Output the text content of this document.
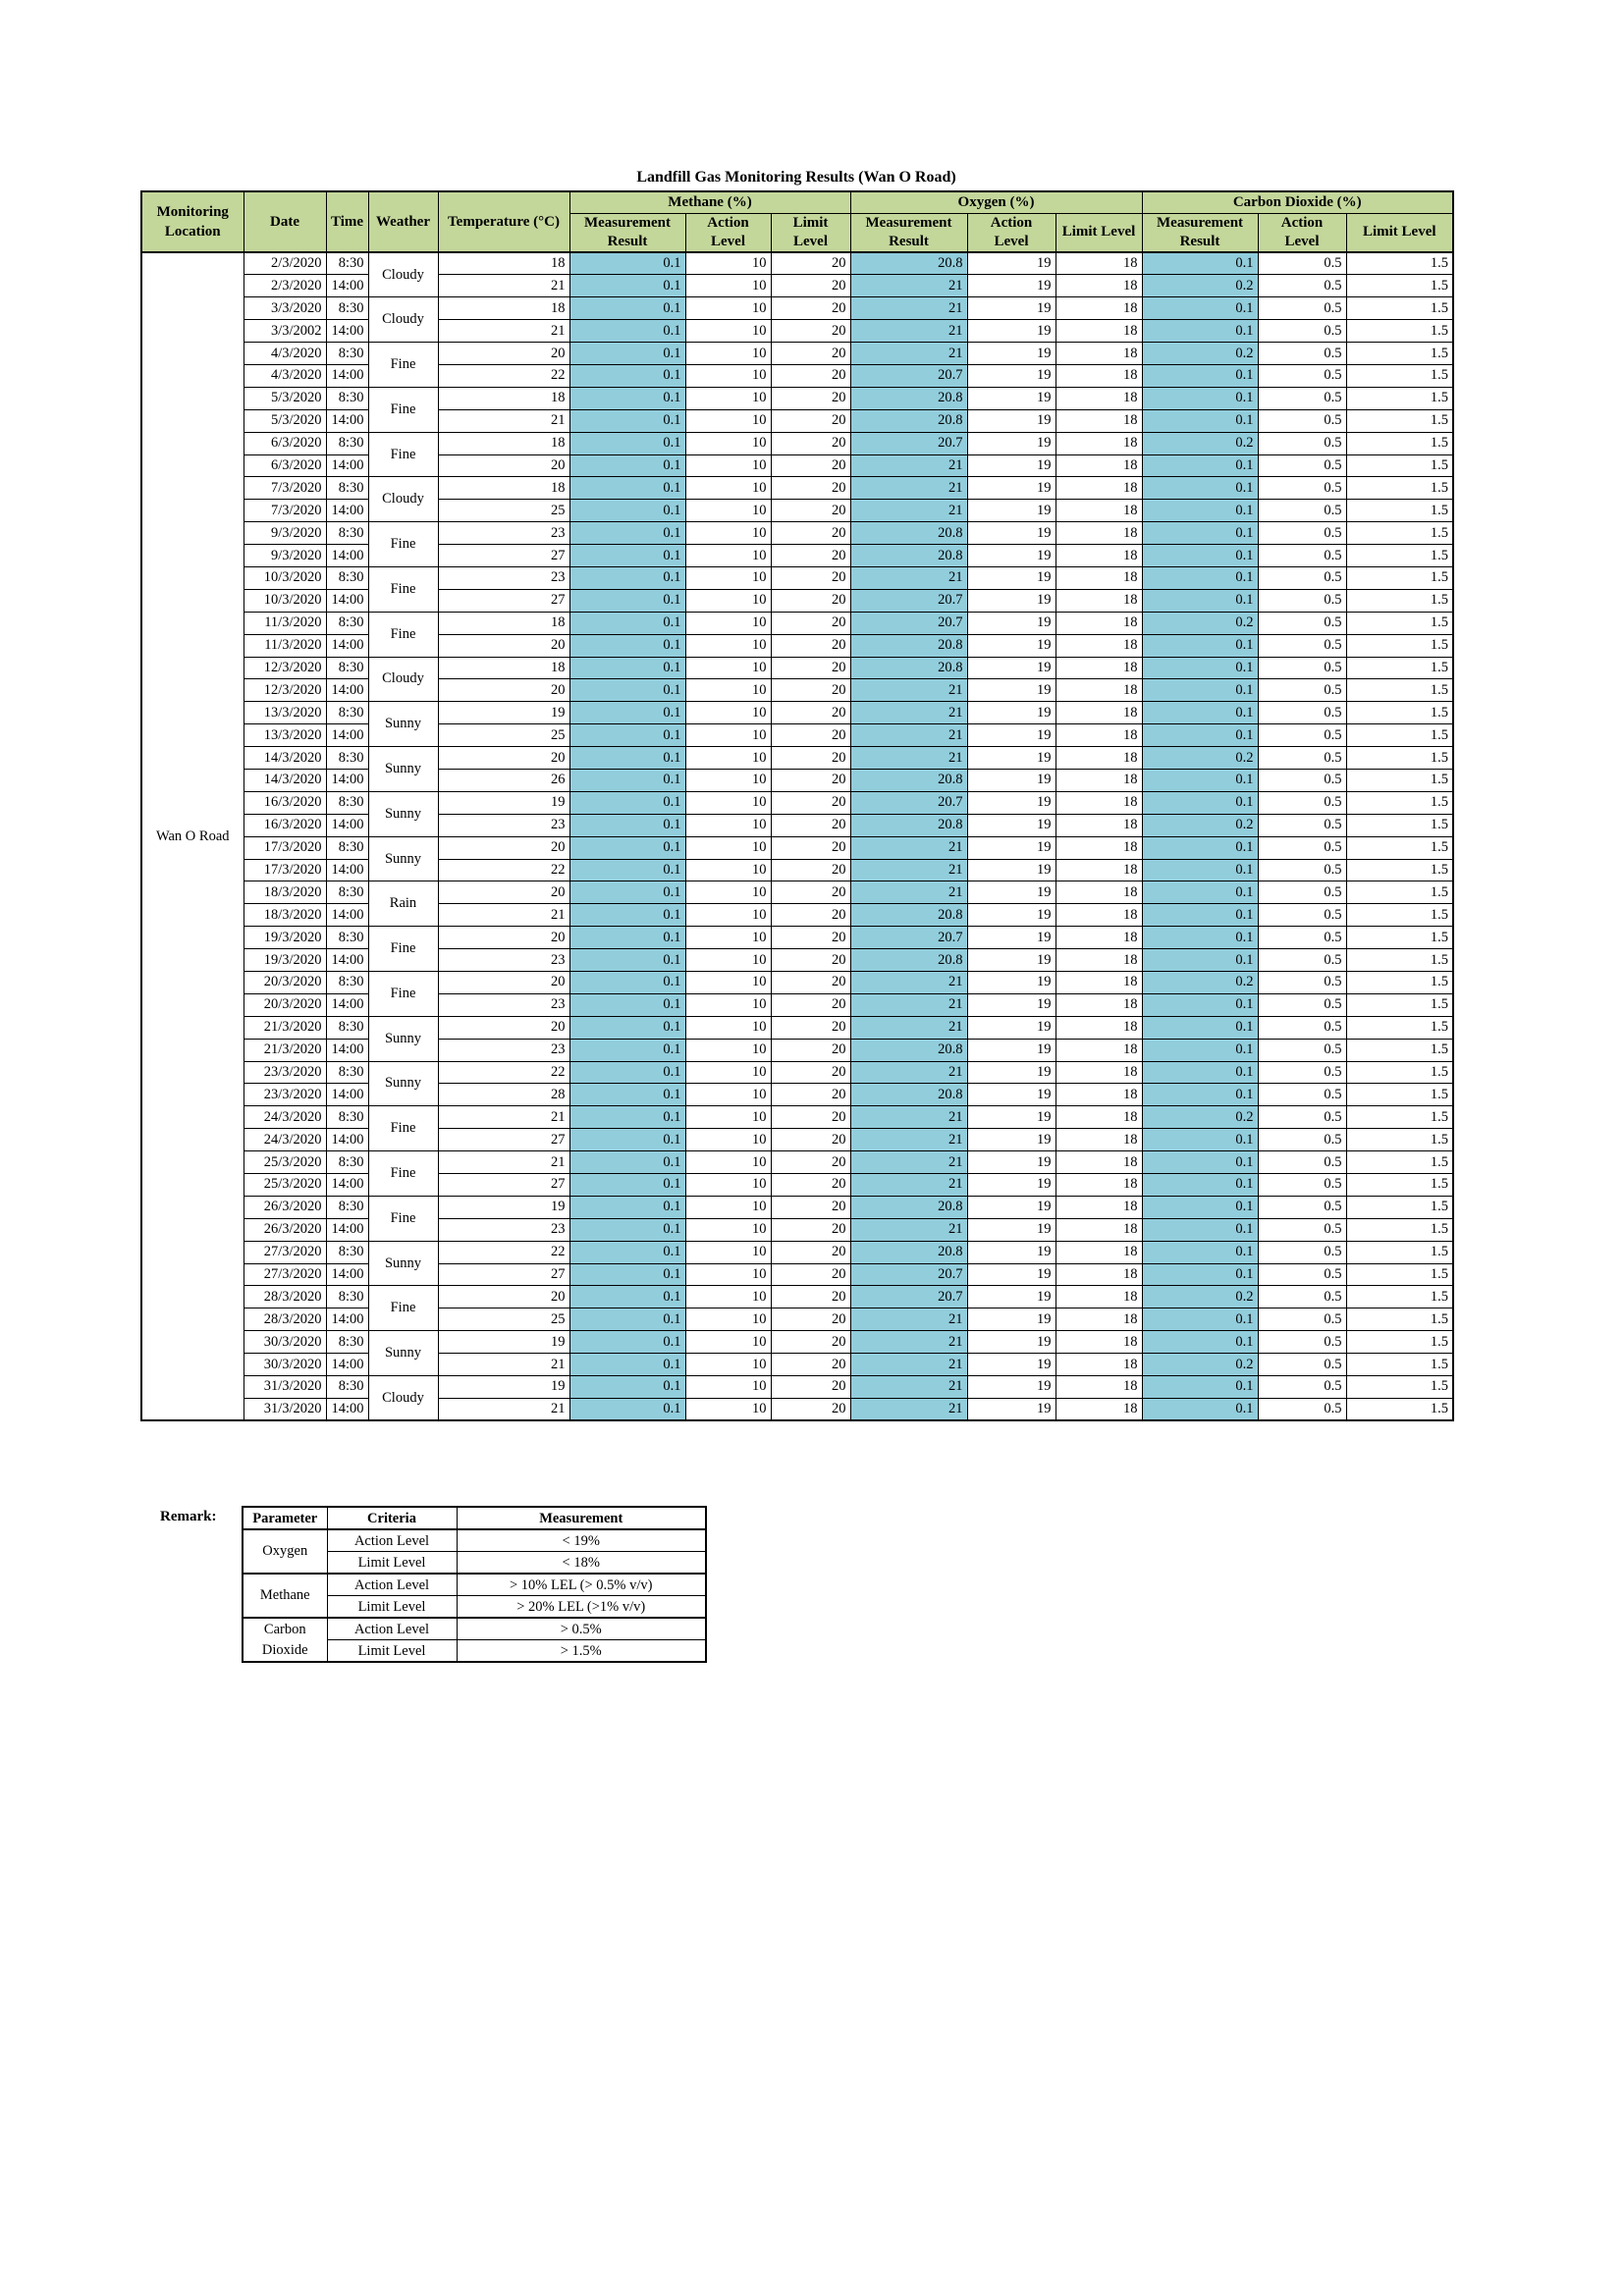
Landfill Gas Monitoring Results (Wan O Road)
Monitoring Location	Date	Time	Weather	Temperature (°C)	Methane (%)			Oxygen (%)			Carbon Dioxide (%)		
					Measurement Result	Action Level	Limit Level	Measurement Result	Action Level	Limit Level	Measurement Result	Action Level	Limit Level
Wan O Road	2/3/2020	8:30	Cloudy	18	0.1	10	20	20.8	19	18	0.1	0.5	1.5
	2/3/2020	14:00		21	0.1	10	20	21	19	18	0.2	0.5	1.5
	3/3/2020	8:30	Cloudy	18	0.1	10	20	21	19	18	0.1	0.5	1.5
	3/3/2002	14:00		21	0.1	10	20	21	19	18	0.1	0.5	1.5
	4/3/2020	8:30	Fine	20	0.1	10	20	21	19	18	0.2	0.5	1.5
	4/3/2020	14:00		22	0.1	10	20	20.7	19	18	0.1	0.5	1.5
	5/3/2020	8:30	Fine	18	0.1	10	20	20.8	19	18	0.1	0.5	1.5
	5/3/2020	14:00		21	0.1	10	20	20.8	19	18	0.1	0.5	1.5
	6/3/2020	8:30	Fine	18	0.1	10	20	20.7	19	18	0.2	0.5	1.5
	6/3/2020	14:00		20	0.1	10	20	21	19	18	0.1	0.5	1.5
	7/3/2020	8:30	Cloudy	18	0.1	10	20	21	19	18	0.1	0.5	1.5
	7/3/2020	14:00		25	0.1	10	20	21	19	18	0.1	0.5	1.5
	9/3/2020	8:30	Fine	23	0.1	10	20	20.8	19	18	0.1	0.5	1.5
	9/3/2020	14:00		27	0.1	10	20	20.8	19	18	0.1	0.5	1.5
	10/3/2020	8:30	Fine	23	0.1	10	20	21	19	18	0.1	0.5	1.5
	10/3/2020	14:00		27	0.1	10	20	20.7	19	18	0.1	0.5	1.5
	11/3/2020	8:30	Fine	18	0.1	10	20	20.7	19	18	0.2	0.5	1.5
	11/3/2020	14:00		20	0.1	10	20	20.8	19	18	0.1	0.5	1.5
	12/3/2020	8:30	Cloudy	18	0.1	10	20	20.8	19	18	0.1	0.5	1.5
	12/3/2020	14:00		20	0.1	10	20	21	19	18	0.1	0.5	1.5
	13/3/2020	8:30	Sunny	19	0.1	10	20	21	19	18	0.1	0.5	1.5
	13/3/2020	14:00		25	0.1	10	20	21	19	18	0.1	0.5	1.5
	14/3/2020	8:30	Sunny	20	0.1	10	20	21	19	18	0.2	0.5	1.5
	14/3/2020	14:00		26	0.1	10	20	20.8	19	18	0.1	0.5	1.5
	16/3/2020	8:30	Sunny	19	0.1	10	20	20.7	19	18	0.1	0.5	1.5
	16/3/2020	14:00		23	0.1	10	20	20.8	19	18	0.2	0.5	1.5
	17/3/2020	8:30	Sunny	20	0.1	10	20	21	19	18	0.1	0.5	1.5
	17/3/2020	14:00		22	0.1	10	20	21	19	18	0.1	0.5	1.5
	18/3/2020	8:30	Rain	20	0.1	10	20	21	19	18	0.1	0.5	1.5
	18/3/2020	14:00		21	0.1	10	20	20.8	19	18	0.1	0.5	1.5
	19/3/2020	8:30	Fine	20	0.1	10	20	20.7	19	18	0.1	0.5	1.5
	19/3/2020	14:00		23	0.1	10	20	20.8	19	18	0.1	0.5	1.5
	20/3/2020	8:30	Fine	20	0.1	10	20	21	19	18	0.2	0.5	1.5
	20/3/2020	14:00		23	0.1	10	20	21	19	18	0.1	0.5	1.5
	21/3/2020	8:30	Sunny	20	0.1	10	20	21	19	18	0.1	0.5	1.5
	21/3/2020	14:00		23	0.1	10	20	20.8	19	18	0.1	0.5	1.5
	23/3/2020	8:30	Sunny	22	0.1	10	20	21	19	18	0.1	0.5	1.5
	23/3/2020	14:00		28	0.1	10	20	20.8	19	18	0.1	0.5	1.5
	24/3/2020	8:30	Fine	21	0.1	10	20	21	19	18	0.2	0.5	1.5
	24/3/2020	14:00		27	0.1	10	20	21	19	18	0.1	0.5	1.5
	25/3/2020	8:30	Fine	21	0.1	10	20	21	19	18	0.1	0.5	1.5
	25/3/2020	14:00		27	0.1	10	20	21	19	18	0.1	0.5	1.5
	26/3/2020	8:30	Fine	19	0.1	10	20	20.8	19	18	0.1	0.5	1.5
	26/3/2020	14:00		23	0.1	10	20	21	19	18	0.1	0.5	1.5
	27/3/2020	8:30	Sunny	22	0.1	10	20	20.8	19	18	0.1	0.5	1.5
	27/3/2020	14:00		27	0.1	10	20	20.7	19	18	0.1	0.5	1.5
	28/3/2020	8:30	Fine	20	0.1	10	20	20.7	19	18	0.2	0.5	1.5
	28/3/2020	14:00		25	0.1	10	20	21	19	18	0.1	0.5	1.5
	30/3/2020	8:30	Sunny	19	0.1	10	20	21	19	18	0.1	0.5	1.5
	30/3/2020	14:00		21	0.1	10	20	21	19	18	0.2	0.5	1.5
	31/3/2020	8:30	Cloudy	19	0.1	10	20	21	19	18	0.1	0.5	1.5
	31/3/2020	14:00		21	0.1	10	20	21	19	18	0.1	0.5	1.5
Remark:	Parameter	Criteria	Measurement
Oxygen	Action Level	< 19%
	Limit Level	< 18%
Methane	Action Level	> 10% LEL (> 0.5% v/v)
	Limit Level	> 20% LEL (>1% v/v)
Carbon Dioxide	Action Level	> 0.5%
	Limit Level	> 1.5%
